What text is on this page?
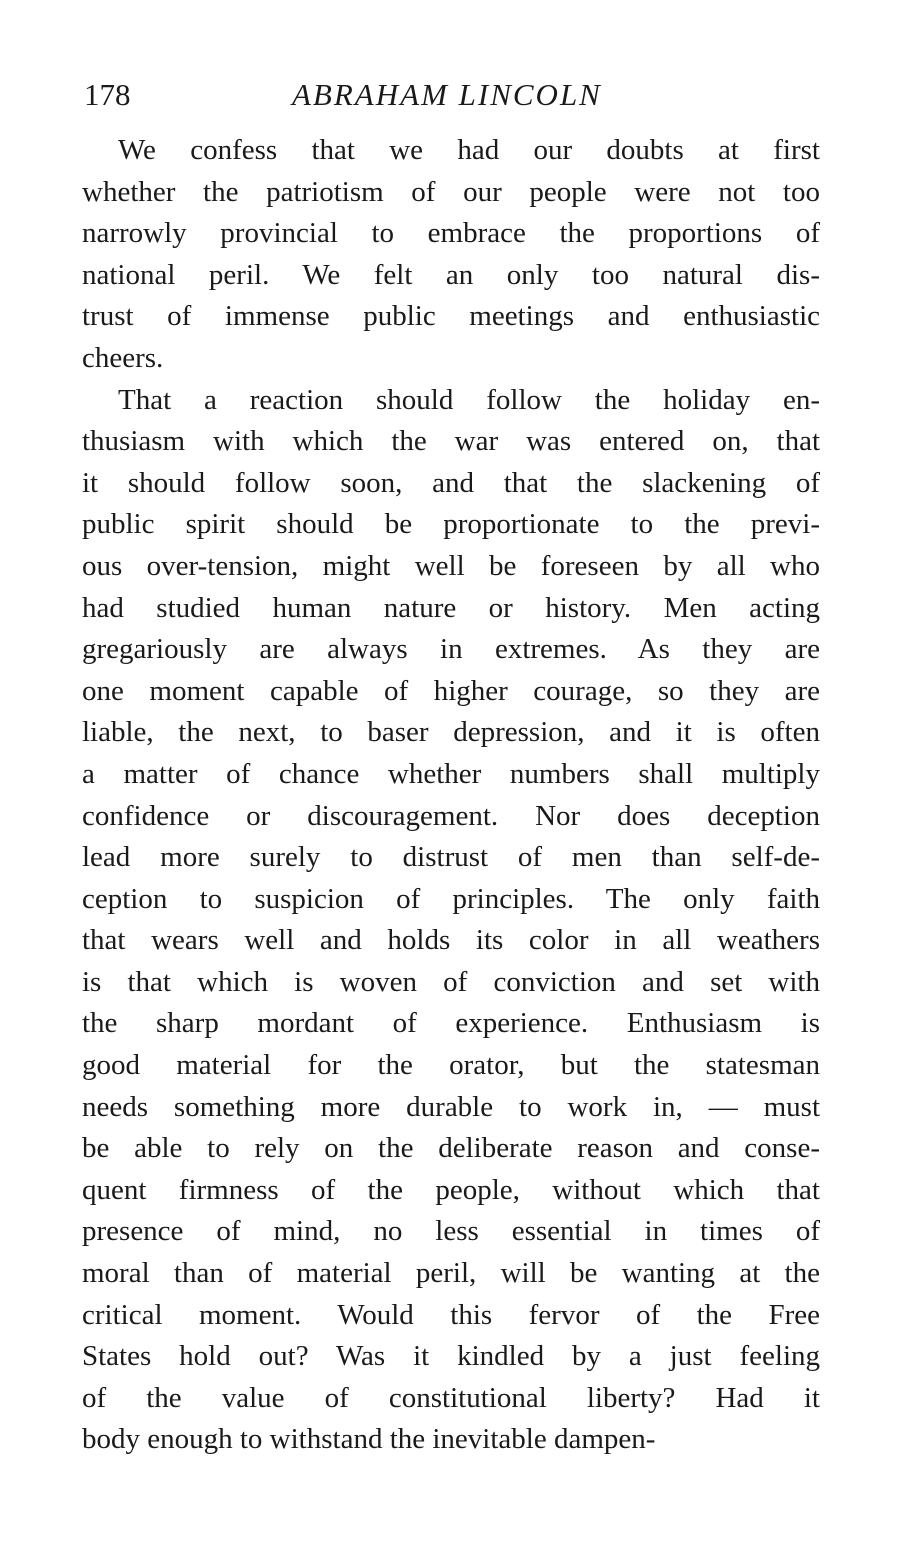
178	ABRAHAM LINCOLN
We confess that we had our doubts at first
whether the patriotism of our people were not too
narrowly provincial to embrace the proportions of
national peril. We felt an only too natural dis-
trust of immense public meetings and enthusiastic
cheers.
That a reaction should follow the holiday en-
thusiasm with which the war was entered on, that
it should follow soon, and that the slackening of
public spirit should be proportionate to the previ-
ous over-tension, might well be foreseen by all who
had studied human nature or history. Men acting
gregariously are always in extremes. As they are
one moment capable of higher courage, so they are
liable, the next, to baser depression, and it is often
a matter of chance whether numbers shall multiply
confidence or discouragement. Nor does deception
lead more surely to distrust of men than self-de-
ception to suspicion of principles. The only faith
that wears well and holds its color in all weathers
is that which is woven of conviction and set with
the sharp mordant of experience. Enthusiasm is
good material for the orator, but the statesman
needs something more durable to work in, — must
be able to rely on the deliberate reason and conse-
quent firmness of the people, without which that
presence of mind, no less essential in times of
moral than of material peril, will be wanting at the
critical moment. Would this fervor of the Free
States hold out? Was it kindled by a just feeling
of the value of constitutional liberty? Had it
body enough to withstand the inevitable dampen-
